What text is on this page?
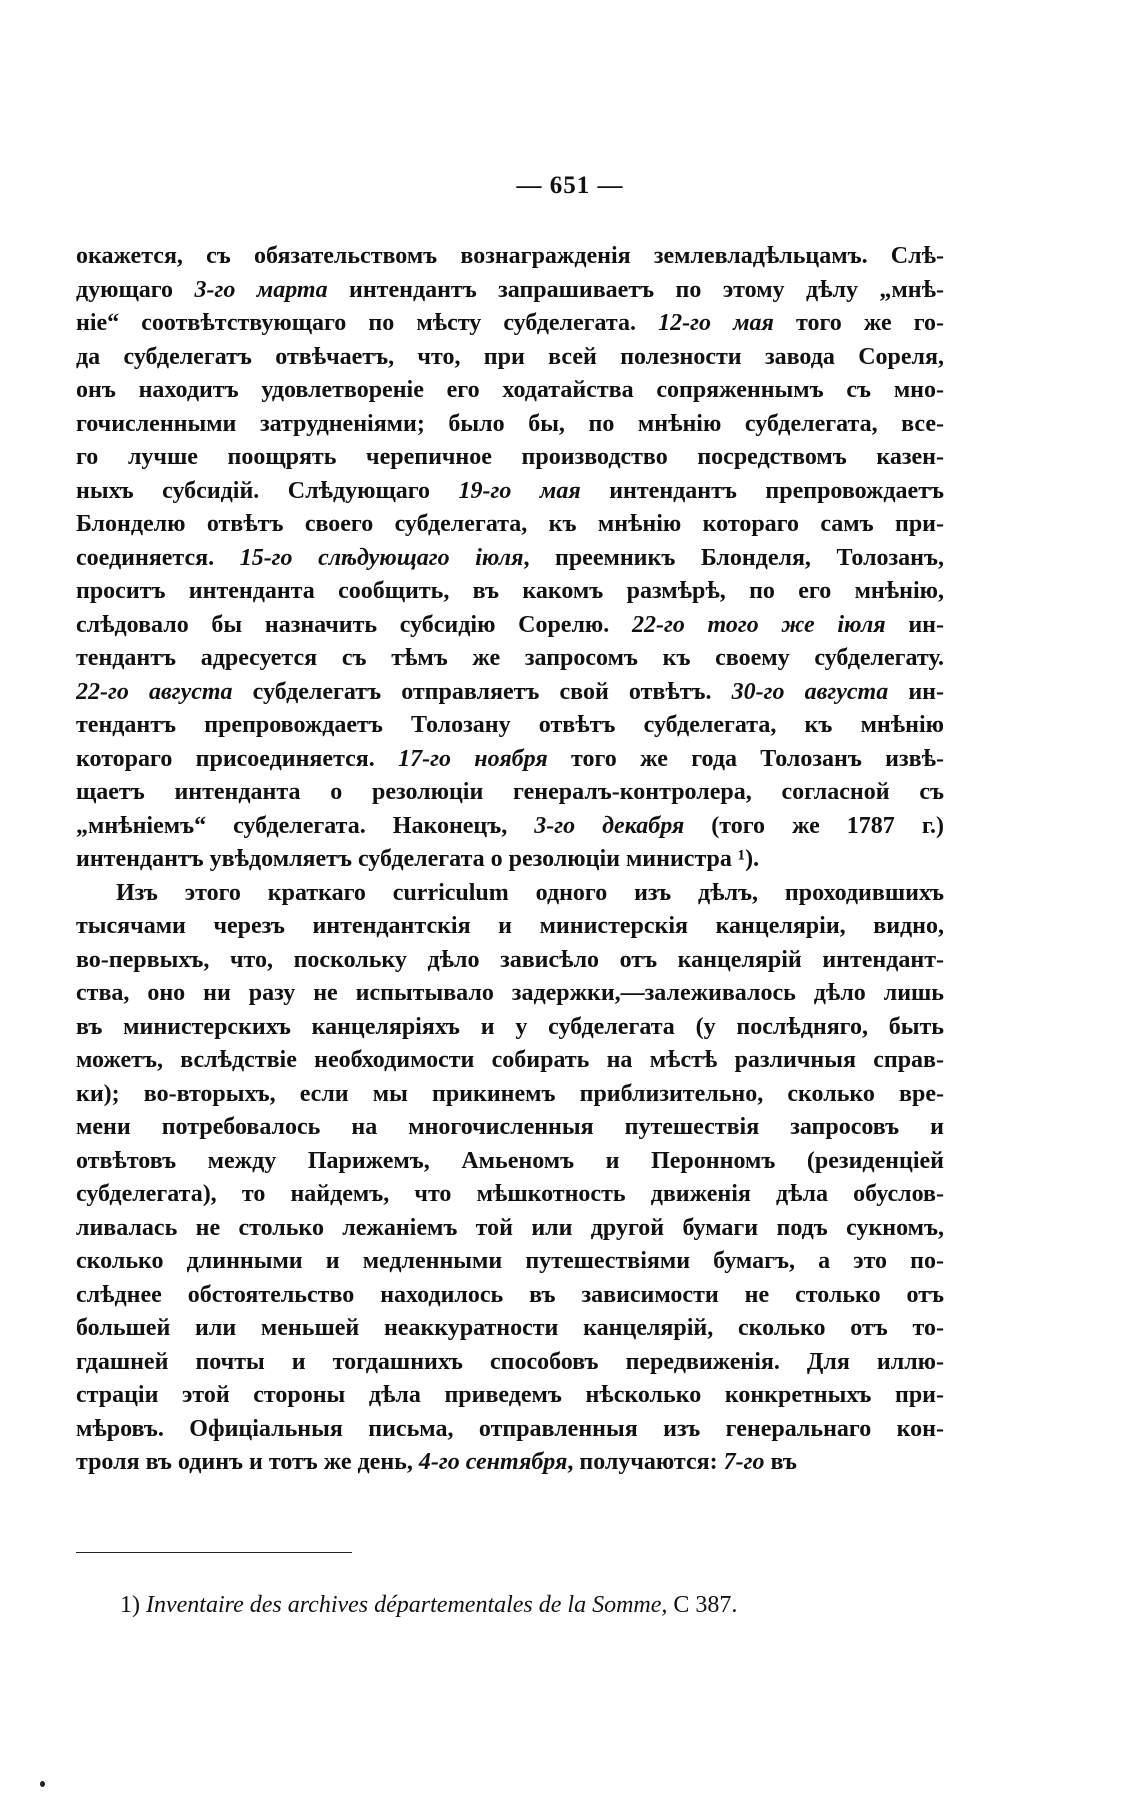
— 651 —
окажется, съ обязательствомъ вознагражденія землевладѣльцамъ. Слѣ-
дующаго 3-го марта интендантъ запрашиваетъ по этому дѣлу „мнѣ-
ніе“ соотвѣтствующаго по мѣсту субделегата. 12-го мая того же го-
да субделегатъ отвѣчаетъ, что, при всей полезности завода Сореля,
онъ находитъ удовлетвореніе его ходатайства сопряженнымъ съ мно-
гочисленными затрудненіями; было бы, по мнѣнію субделегата, все-
го лучше поощрять черепичное производство посредствомъ казен-
ныхъ субсидій. Слѣдующаго 19-го мая интендантъ препровождаетъ
Блонделю отвѣтъ своего субделегата, къ мнѣнію котораго самъ при-
соединяется. 15-го слѣдующаго іюля, преемникъ Блонделя, Толозанъ,
проситъ интенданта сообщить, въ какомъ размѣрѣ, по его мнѣнію,
слѣдовало бы назначить субсидію Сорелю. 22-го того же іюля ин-
тендантъ адресуется съ тѣмъ же запросомъ къ своему субделегату.
22-го августа субделегатъ отправляетъ свой отвѣтъ. 30-го августа ин-
тендантъ препровождаетъ Толозану отвѣтъ субделегата, къ мнѣнію
котораго присоединяется. 17-го ноября того же года Толозанъ извѣ-
щаетъ интенданта о резолюціи генералъ-контролера, согласной съ
„мнѣніемъ“ субделегата. Наконецъ, 3-го декабря (того же 1787 г.)
интендантъ увѣдомляетъ субделегата о резолюціи министра ¹).
Изъ этого краткаго curriculum одного изъ дѣлъ, проходившихъ
тысячами черезъ интендантскія и министерскія канцеляріи, видно,
во-первыхъ, что, поскольку дѣло зависѣло отъ канцелярій интендант-
ства, оно ни разу не испытывало задержки,—залеживалось дѣло лишь
въ министерскихъ канцеляріяхъ и у субделегата (у послѣдняго, быть
можетъ, вслѣдствіе необходимости собирать на мѣстѣ различныя справ-
ки); во-вторыхъ, если мы прикинемъ приблизительно, сколько вре-
мени потребовалось на многочисленныя путешествія запросовъ и
отвѣтовъ между Парижемъ, Амьеномъ и Перонномъ (резиденціей
субделегата), то найдемъ, что мѣшкотность движенія дѣла обуслов-
ливалась не столько лежаніемъ той или другой бумаги подъ сукномъ,
сколько длинными и медленными путешествіями бумагъ, а это по-
слѣднее обстоятельство находилось въ зависимости не столько отъ
большей или меньшей неаккуратности канцелярій, сколько отъ то-
гдашней почты и тогдашнихъ способовъ передвиженія. Для иллю-
страціи этой стороны дѣла приведемъ нѣсколько конкретныхъ при-
мѣровъ. Офиціальныя письма, отправленныя изъ генеральнаго кон-
троля въ одинъ и тотъ же день, 4-го сентября, получаются: 7-го въ
1) Inventaire des archives départementales de la Somme, C 387.
